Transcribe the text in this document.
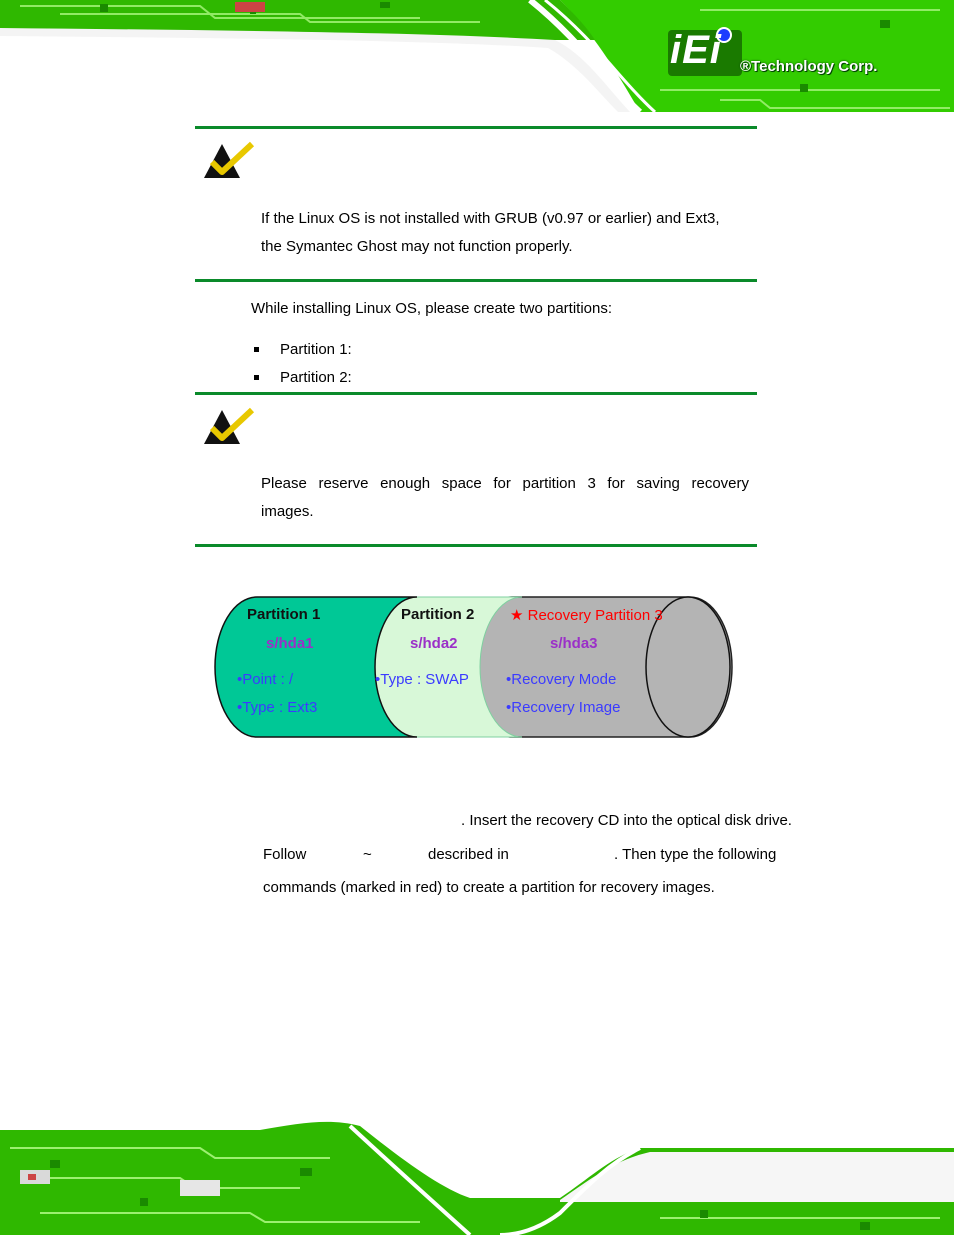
iEi ®Technology Corp.
If the Linux OS is not installed with GRUB (v0.97 or earlier) and Ext3,
the Symantec Ghost may not function properly.
While installing Linux OS, please create two partitions:
Partition 1:
Partition 2:
Please reserve enough space for partition 3 for saving recovery
images.
Partition 1
s/hda1
•Point : /
•Type : Ext3
Partition 2
s/hda2
•Type : SWAP
★ Recovery Partition 3
s/hda3
•Recovery Mode
•Recovery Image
. Insert the recovery CD into the optical disk drive.
Follow	~	described in	. Then type the following
commands (marked in red) to create a partition for recovery images.
